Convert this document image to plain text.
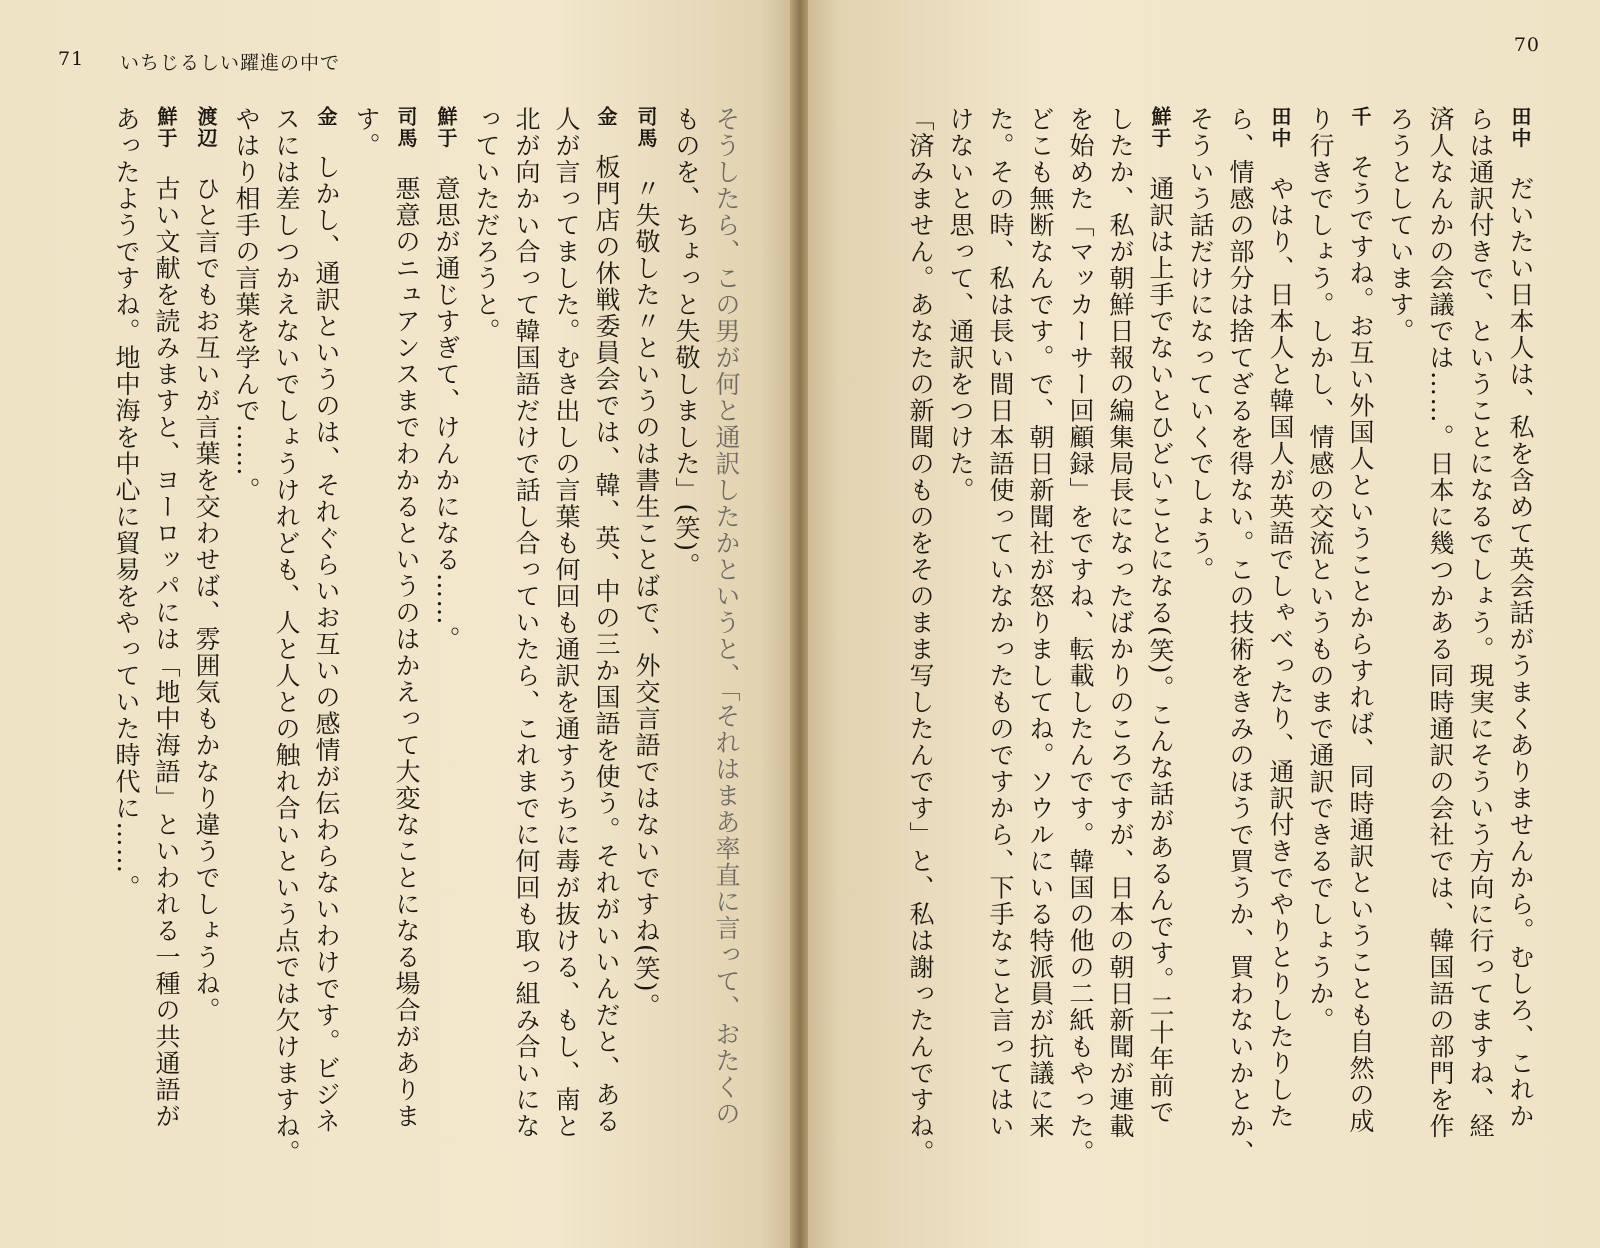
71 いちじるしい躍進の中で
そうしたら、この男が何と通訳したかというと、「それはまあ率直に言って、おたくの
ものを、ちょっと失敬しました」(笑)。
司馬　〃失敬した〃というのは書生ことばで、外交言語ではないですね(笑)。
金　板門店の休戦委員会では、韓、英、中の三か国語を使う。それがいいんだと、ある
人が言ってました。むき出しの言葉も何回も通訳を通すうちに毒が抜ける、もし、南と
北が向かい合って韓国語だけで話し合っていたら、これまでに何回も取っ組み合いにな
っていただろうと。
鮮于　意思が通じすぎて、けんかになる……。
司馬　悪意のニュアンスまでわかるというのはかえって大変なことになる場合がありま
す。
金　しかし、通訳というのは、それぐらいお互いの感情が伝わらないわけです。ビジネ
スには差しつかえないでしょうけれども、人と人との触れ合いという点では欠けますね。
やはり相手の言葉を学んで……。
渡辺　ひと言でもお互いが言葉を交わせば、雰囲気もかなり違うでしょうね。
鮮于　古い文献を読みますと、ヨーロッパには「地中海語」といわれる一種の共通語が
あったようですね。地中海を中心に貿易をやっていた時代に……。
70
田中　だいたい日本人は、私を含めて英会話がうまくありませんから。むしろ、これか
らは通訳付きで、ということになるでしょう。現実にそういう方向に行ってますね、経
済人なんかの会議では……。日本に幾つかある同時通訳の会社では、韓国語の部門を作
ろうとしています。
千　そうですね。お互い外国人ということからすれば、同時通訳ということも自然の成
り行きでしょう。しかし、情感の交流というものまで通訳できるでしょうか。
田中　やはり、日本人と韓国人が英語でしゃべったり、通訳付きでやりとりしたりした
ら、情感の部分は捨てざるを得ない。この技術をきみのほうで買うか、買わないかとか、
そういう話だけになっていくでしょう。
鮮于　通訳は上手でないとひどいことになる(笑)。こんな話があるんです。二十年前で
したか、私が朝鮮日報の編集局長になったばかりのころですが、日本の朝日新聞が連載
を始めた「マッカーサー回顧録」をですね、転載したんです。韓国の他の二紙もやった。
どこも無断なんです。で、朝日新聞社が怒りましてね。ソウルにいる特派員が抗議に来
た。その時、私は長い間日本語使っていなかったものですから、下手なこと言ってはい
けないと思って、通訳をつけた。
「済みません。あなたの新聞のものをそのまま写したんです」と、私は謝ったんですね。
